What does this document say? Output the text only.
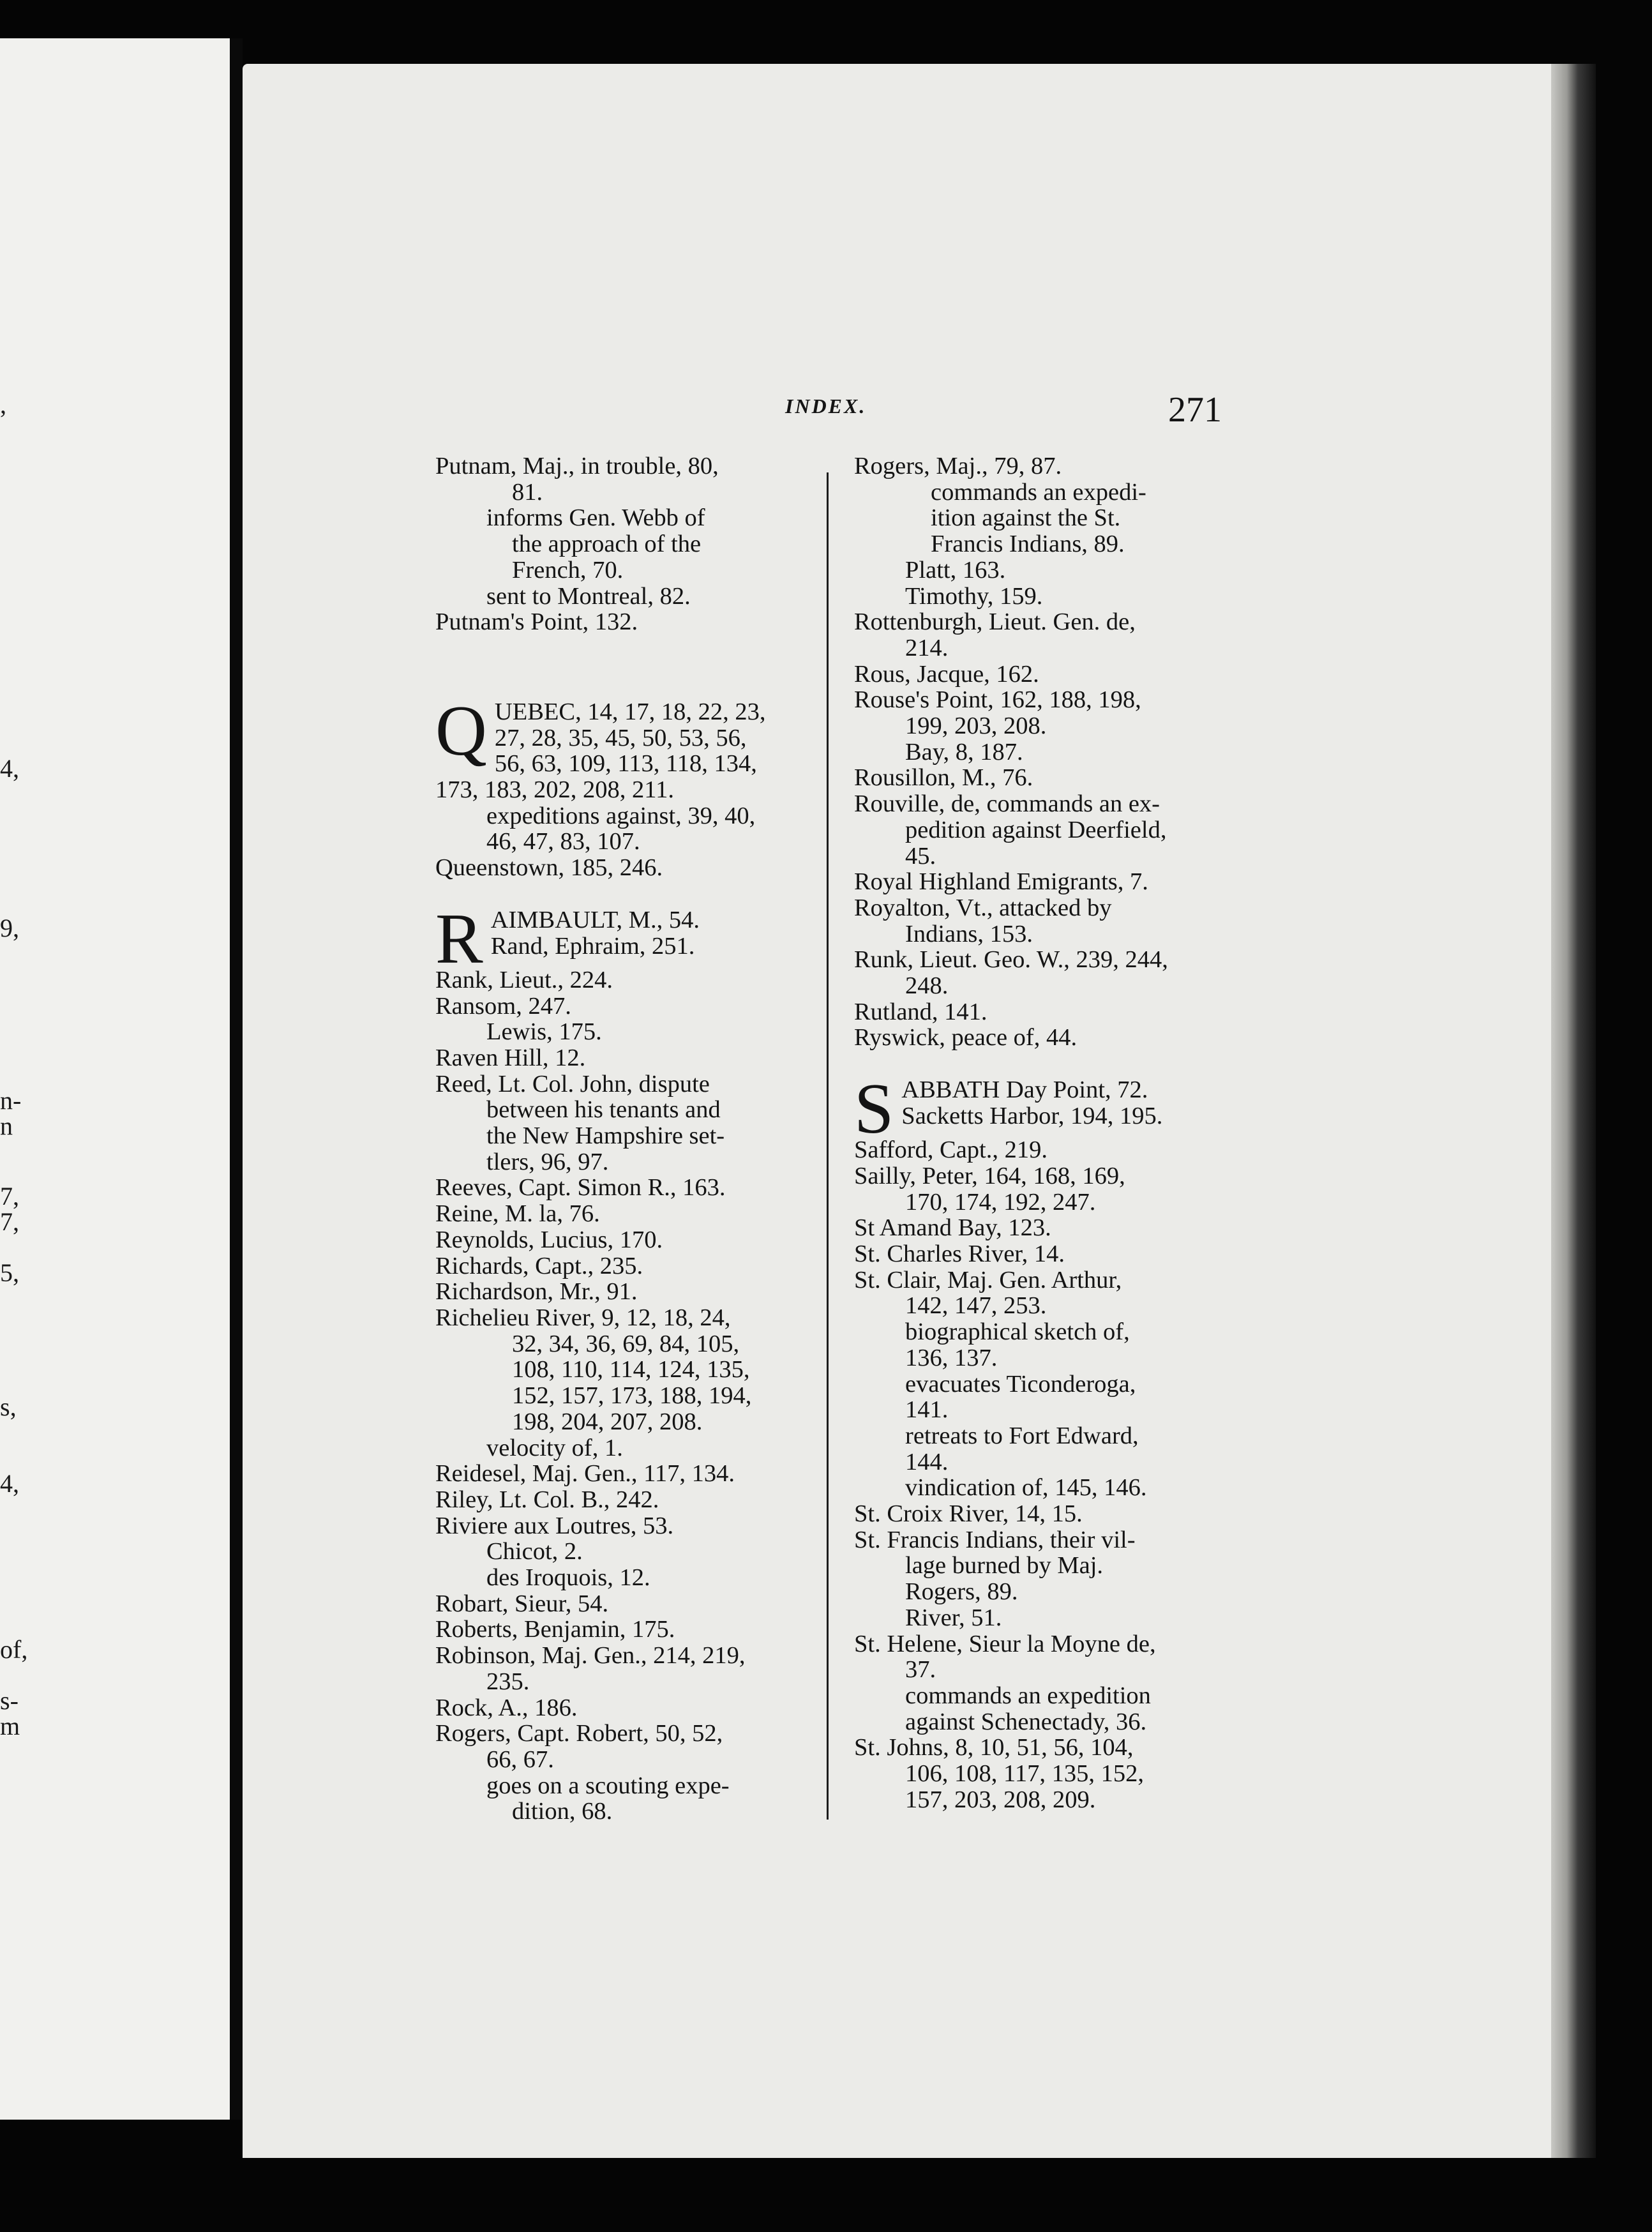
,
4,
9,
n-
n
7,
7,
5,
s,
4,
of,
s-
m
INDEX.	271
Putnam, Maj., in trouble, 80,
81.
informs Gen. Webb of
the approach of the
French, 70.
sent to Montreal, 82.
Putnam's Point, 132.
Q UEBEC, 14, 17, 18, 22, 23,
27, 28, 35, 45, 50, 53, 56,
56, 63, 109, 113, 118, 134,
173, 183, 202, 208, 211.
expeditions against, 39, 40,
46, 47, 83, 107.
Queenstown, 185, 246.
R AIMBAULT, M., 54.
Rand, Ephraim, 251.
Rank, Lieut., 224.
Ransom, 247.
Lewis, 175.
Raven Hill, 12.
Reed, Lt. Col. John, dispute
between his tenants and
the New Hampshire set-
tlers, 96, 97.
Reeves, Capt. Simon R., 163.
Reine, M. la, 76.
Reynolds, Lucius, 170.
Richards, Capt., 235.
Richardson, Mr., 91.
Richelieu River, 9, 12, 18, 24,
32, 34, 36, 69, 84, 105,
108, 110, 114, 124, 135,
152, 157, 173, 188, 194,
198, 204, 207, 208.
velocity of, 1.
Reidesel, Maj. Gen., 117, 134.
Riley, Lt. Col. B., 242.
Riviere aux Loutres, 53.
Chicot, 2.
des Iroquois, 12.
Robart, Sieur, 54.
Roberts, Benjamin, 175.
Robinson, Maj. Gen., 214, 219,
235.
Rock, A., 186.
Rogers, Capt. Robert, 50, 52,
66, 67.
goes on a scouting expe-
dition, 68.
Rogers, Maj., 79, 87.
commands an expedi-
ition against the St.
Francis Indians, 89.
Platt, 163.
Timothy, 159.
Rottenburgh, Lieut. Gen. de,
214.
Rous, Jacque, 162.
Rouse's Point, 162, 188, 198,
199, 203, 208.
Bay, 8, 187.
Rousillon, M., 76.
Rouville, de, commands an ex-
pedition against Deerfield,
45.
Royal Highland Emigrants, 7.
Royalton, Vt., attacked by
Indians, 153.
Runk, Lieut. Geo. W., 239, 244,
248.
Rutland, 141.
Ryswick, peace of, 44.
S ABBATH Day Point, 72.
Sacketts Harbor, 194, 195.
Safford, Capt., 219.
Sailly, Peter, 164, 168, 169,
170, 174, 192, 247.
St Amand Bay, 123.
St. Charles River, 14.
St. Clair, Maj. Gen. Arthur,
142, 147, 253.
biographical sketch of,
136, 137.
evacuates Ticonderoga,
141.
retreats to Fort Edward,
144.
vindication of, 145, 146.
St. Croix River, 14, 15.
St. Francis Indians, their vil-
lage burned by Maj.
Rogers, 89.
River, 51.
St. Helene, Sieur la Moyne de,
37.
commands an expedition
against Schenectady, 36.
St. Johns, 8, 10, 51, 56, 104,
106, 108, 117, 135, 152,
157, 203, 208, 209.
